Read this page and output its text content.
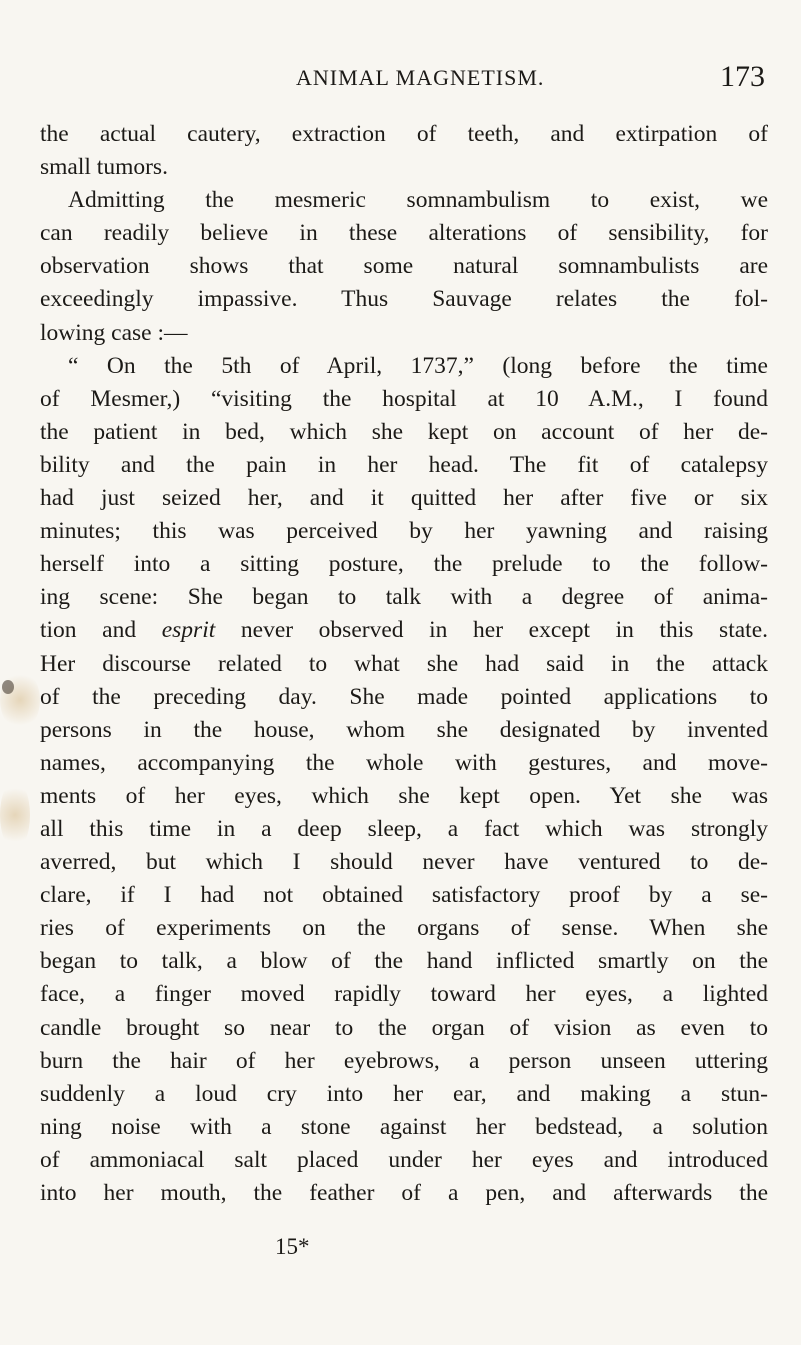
ANIMAL MAGNETISM.	173
the actual cautery, extraction of teeth, and extirpation of
small tumors.
Admitting the mesmeric somnambulism to exist, we
can readily believe in these alterations of sensibility, for
observation shows that some natural somnambulists are
exceedingly impassive. Thus Sauvage relates the fol-
lowing case :—
“ On the 5th of April, 1737,” (long before the time
of Mesmer,) “visiting the hospital at 10 A.M., I found
the patient in bed, which she kept on account of her de-
bility and the pain in her head. The fit of catalepsy
had just seized her, and it quitted her after five or six
minutes; this was perceived by her yawning and raising
herself into a sitting posture, the prelude to the follow-
ing scene: She began to talk with a degree of anima-
tion and esprit never observed in her except in this state.
Her discourse related to what she had said in the attack
of the preceding day. She made pointed applications to
persons in the house, whom she designated by invented
names, accompanying the whole with gestures, and move-
ments of her eyes, which she kept open. Yet she was
all this time in a deep sleep, a fact which was strongly
averred, but which I should never have ventured to de-
clare, if I had not obtained satisfactory proof by a se-
ries of experiments on the organs of sense. When she
began to talk, a blow of the hand inflicted smartly on the
face, a finger moved rapidly toward her eyes, a lighted
candle brought so near to the organ of vision as even to
burn the hair of her eyebrows, a person unseen uttering
suddenly a loud cry into her ear, and making a stun-
ning noise with a stone against her bedstead, a solution
of ammoniacal salt placed under her eyes and introduced
into her mouth, the feather of a pen, and afterwards the
15*
